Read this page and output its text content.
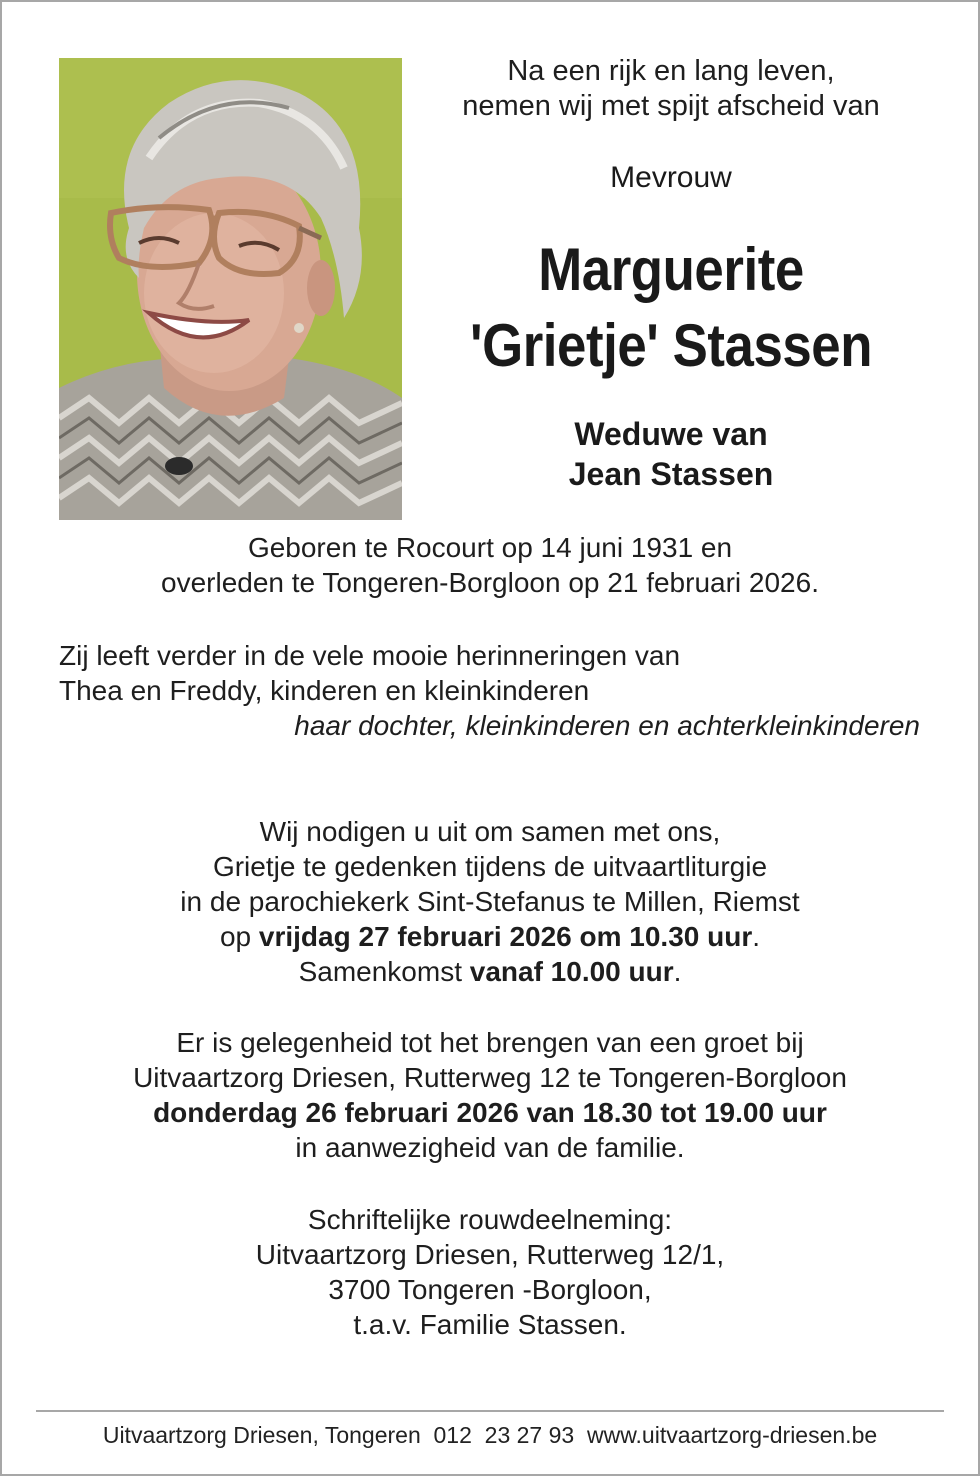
Na een rijk en lang leven,
nemen wij met spijt afscheid van
Mevrouw
Marguerite
'Grietje' Stassen
Weduwe van
Jean Stassen
Geboren te Rocourt op 14 juni 1931 en
overleden te Tongeren-Borgloon op 21 februari 2026.
Zij leeft verder in de vele mooie herinneringen van
Thea en Freddy, kinderen en kleinkinderen
haar dochter, kleinkinderen en achterkleinkinderen
Wij nodigen u uit om samen met ons,
Grietje te gedenken tijdens de uitvaartliturgie
in de parochiekerk Sint-Stefanus te Millen, Riemst
op vrijdag 27 februari 2026 om 10.30 uur.
Samenkomst vanaf 10.00 uur.
Er is gelegenheid tot het brengen van een groet bij
Uitvaartzorg Driesen, Rutterweg 12 te Tongeren-Borgloon
donderdag 26 februari 2026 van 18.30 tot 19.00 uur
in aanwezigheid van de familie.
Schriftelijke rouwdeelneming:
Uitvaartzorg Driesen, Rutterweg 12/1,
3700 Tongeren -Borgloon,
t.a.v. Familie Stassen.
Uitvaartzorg Driesen, Tongeren  012  23 27 93  www.uitvaartzorg-driesen.be
